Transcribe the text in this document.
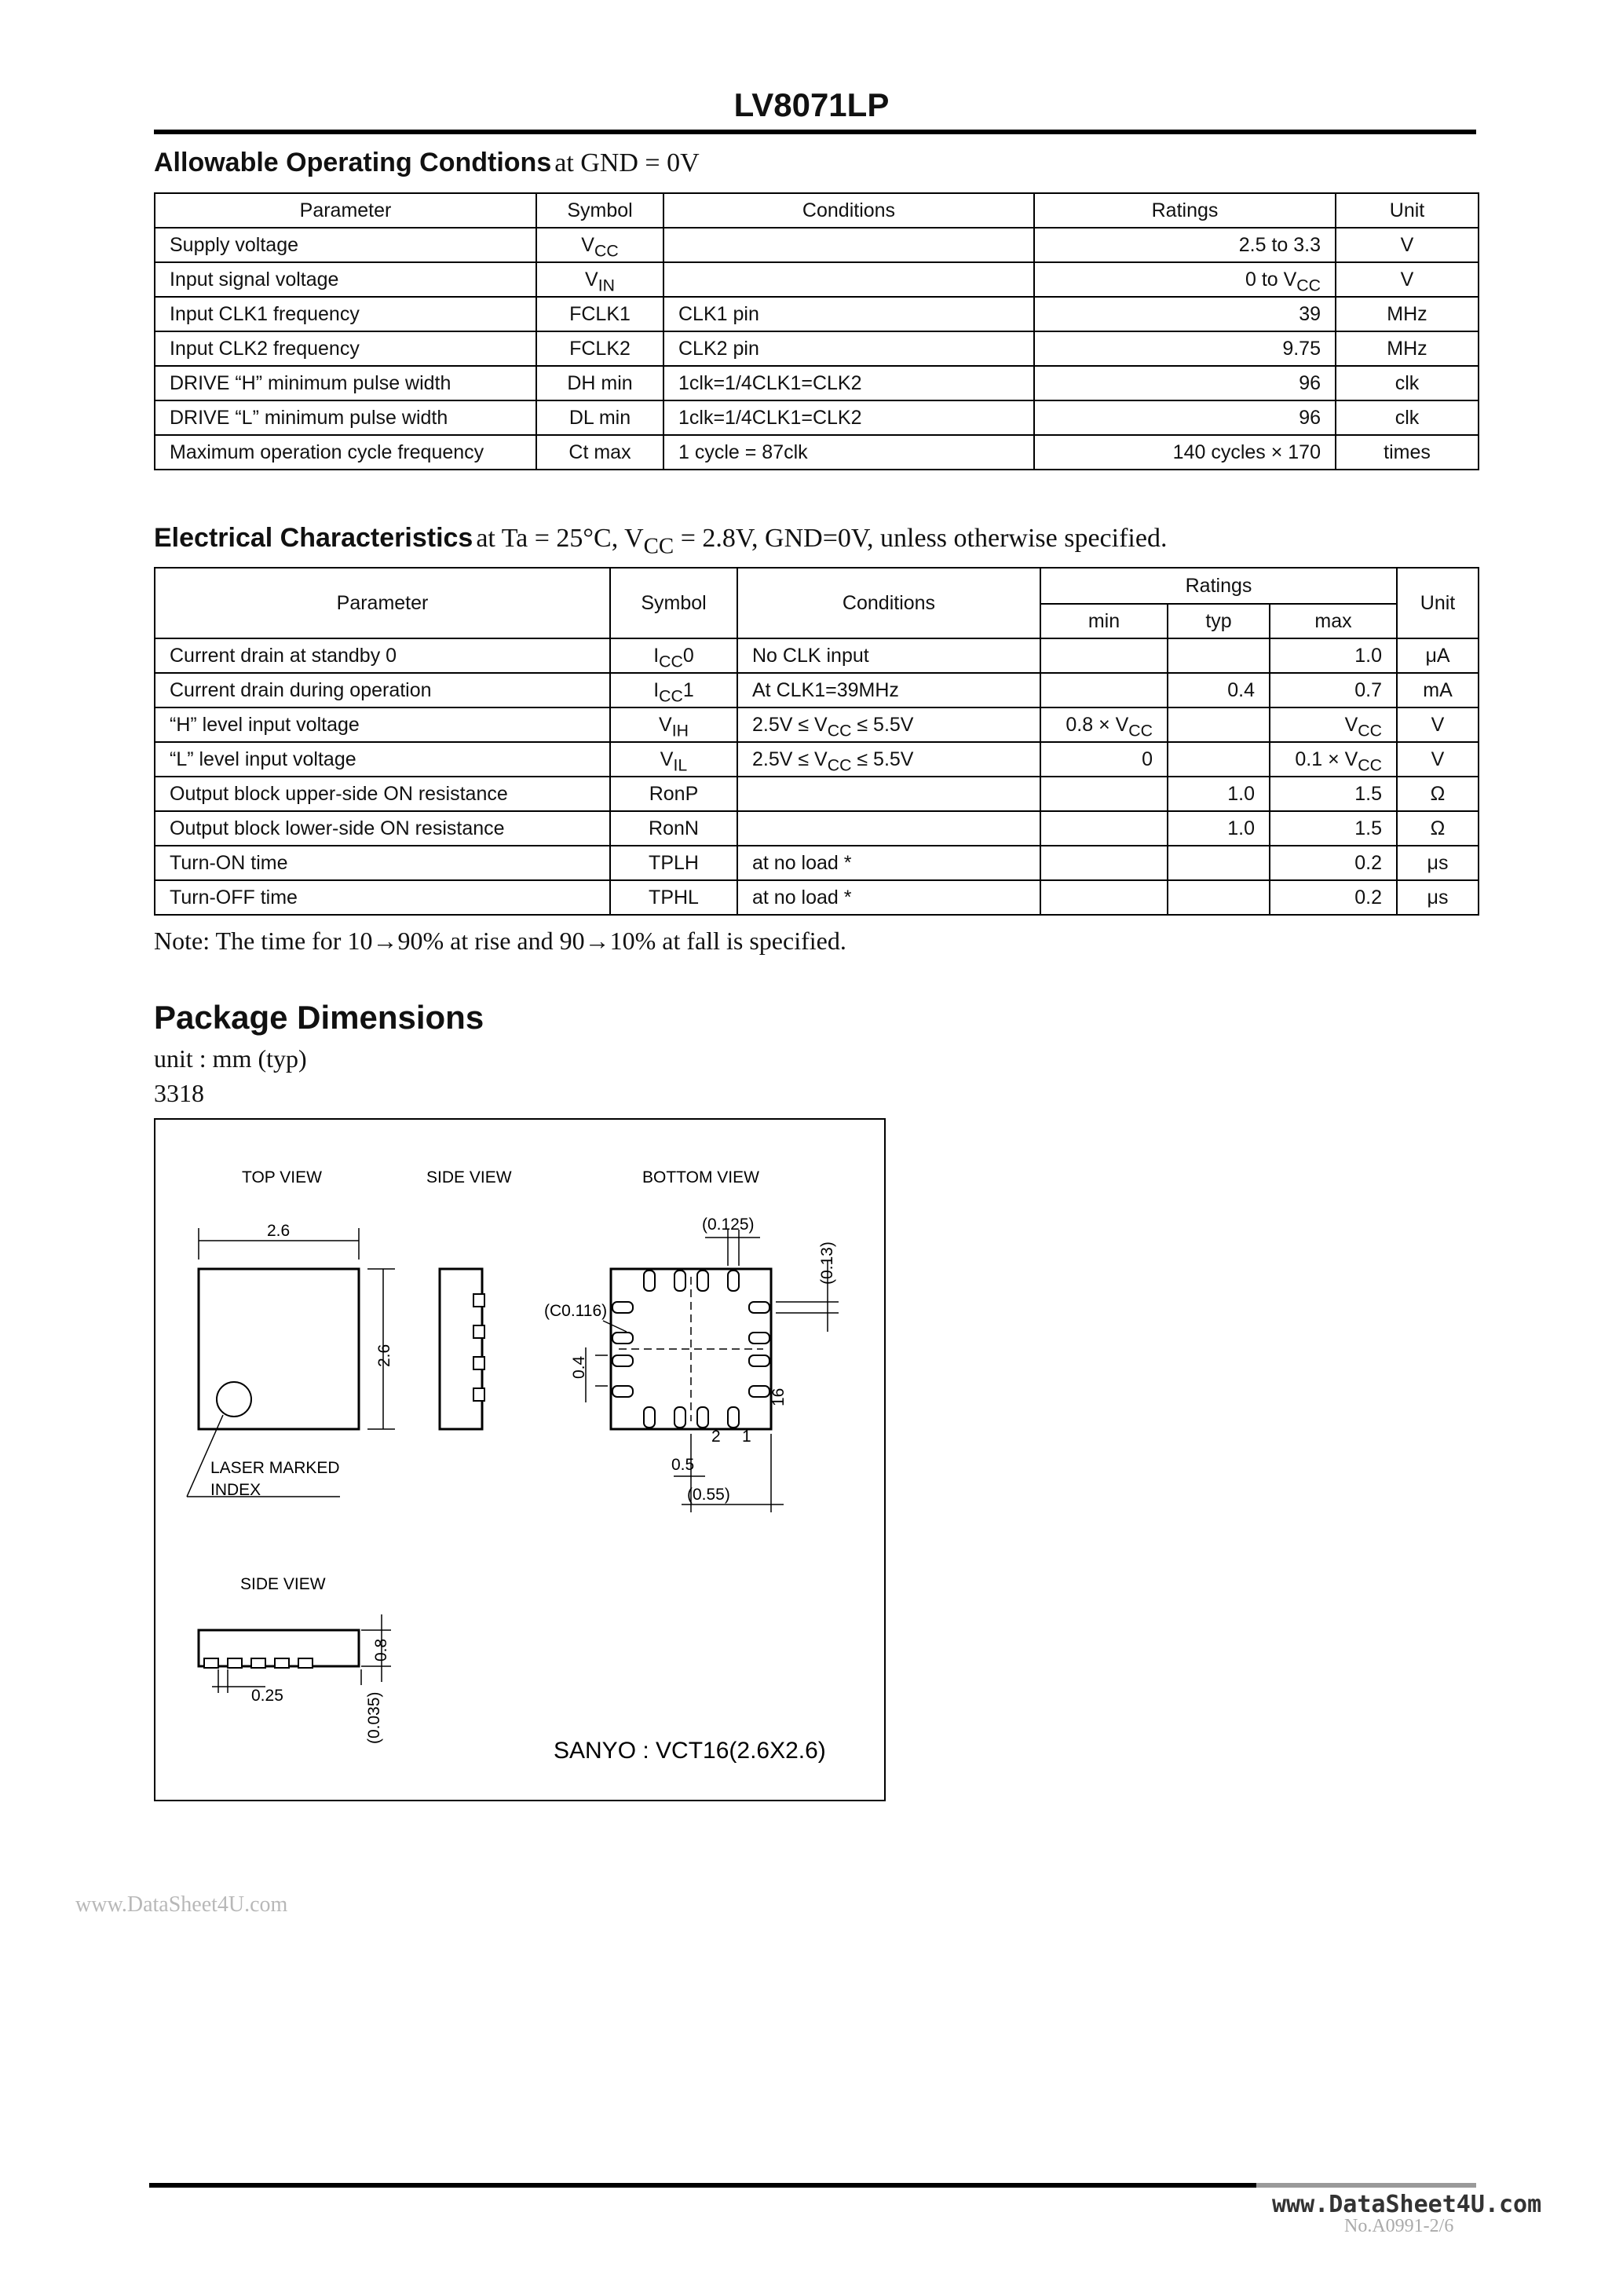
LV8071LP
Allowable Operating Condtions at GND = 0V
Parameter	Symbol	Conditions	Ratings	Unit
Supply voltage	$V_{CC}$		2.5 to 3.3	V
Input signal voltage	$V_{IN}$		0 to $V_{CC}$	V
Input CLK1 frequency	FCLK1	CLK1 pin	39	MHz
Input CLK2 frequency	FCLK2	CLK2 pin	9.75	MHz
DRIVE “H” minimum pulse width	DH min	1clk=1/4CLK1=CLK2	96	clk
DRIVE “L” minimum pulse width	DL min	1clk=1/4CLK1=CLK2	96	clk
Maximum operation cycle frequency	Ct max	1 cycle = 87clk	140 cycles × 170	times
Electrical Characteristics at Ta = 25°C, $V_{CC} = 2.8V$, GND=0V, unless otherwise specified.
Parameter	Symbol	Conditions	Ratings			Unit
			min	typ	max	
Current drain at standby 0	$I_{CC}0$	No CLK input			1.0	μA
Current drain during operation	$I_{CC}1$	At CLK1=39MHz		0.4	0.7	mA
“H” level input voltage	$V_{IH}$	$2.5V \le V_{CC} \le 5.5V$	$0.8 \times V_{CC}$		$V_{CC}$	V
“L” level input voltage	$V_{IL}$	$2.5V \le V_{CC} \le 5.5V$	0		$0.1 \times V_{CC}$	V
Output block upper-side ON resistance	RonP			1.0	1.5	Ω
Output block lower-side ON resistance	RonN			1.0	1.5	Ω
Turn-ON time	TPLH	at no load *			0.2	μs
Turn-OFF time	TPHL	at no load *			0.2	μs
Note: The time for 10→90% at rise and 90→10% at fall is specified.
Package Dimensions
unit : mm (typ)
3318
TOP VIEW	SIDE VIEW	BOTTOM VIEW
2.6
2.6
LASER MARKED
INDEX
(0.125)
(0.13)
(C0.116)
0.4
16
2 1
0.5
(0.55)
SIDE VIEW
0.8
0.25	(0.035)
SANYO : VCT16(2.6X2.6)
www.DataSheet4U.com
No.A0991-2/6
www.DataSheet4U.com
